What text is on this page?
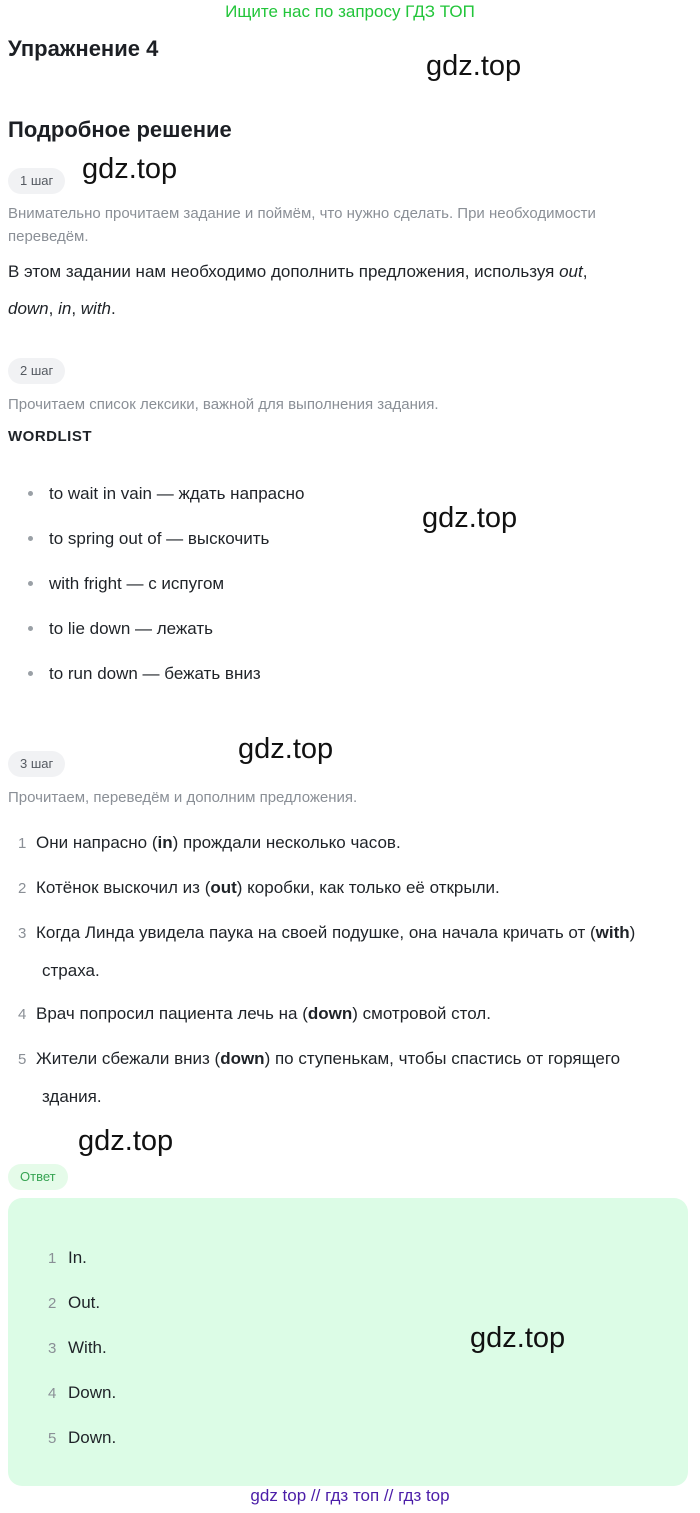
Ищите нас по запросу ГДЗ ТОП
Упражнение 4
gdz.top
Подробное решение
1 шаг gdz.top
Внимательно прочитаем задание и поймём, что нужно сделать. При необходимости переведём.
В этом задании нам необходимо дополнить предложения, используя out,
down, in, with.
2 шаг
Прочитаем список лексики, важной для выполнения задания.
WORDLIST
to wait in vain — ждать напрасно
to spring out of — выскочить
with fright — с испугом
to lie down — лежать
to run down — бежать вниз
gdz.top
gdz.top
3 шаг
Прочитаем, переведём и дополним предложения.
1 Они напрасно (in) прождали несколько часов.
2 Котёнок выскочил из (out) коробки, как только её открыли.
3 Когда Линда увидела паука на своей подушке, она начала кричать от (with)
страха.
4 Врач попросил пациента лечь на (down) смотровой стол.
5 Жители сбежали вниз (down) по ступенькам, чтобы спастись от горящего
здания.
gdz.top
Ответ
1 In.
2 Out.
3 With.
4 Down.
5 Down.
gdz.top
gdz top // гдз топ // гдз top
